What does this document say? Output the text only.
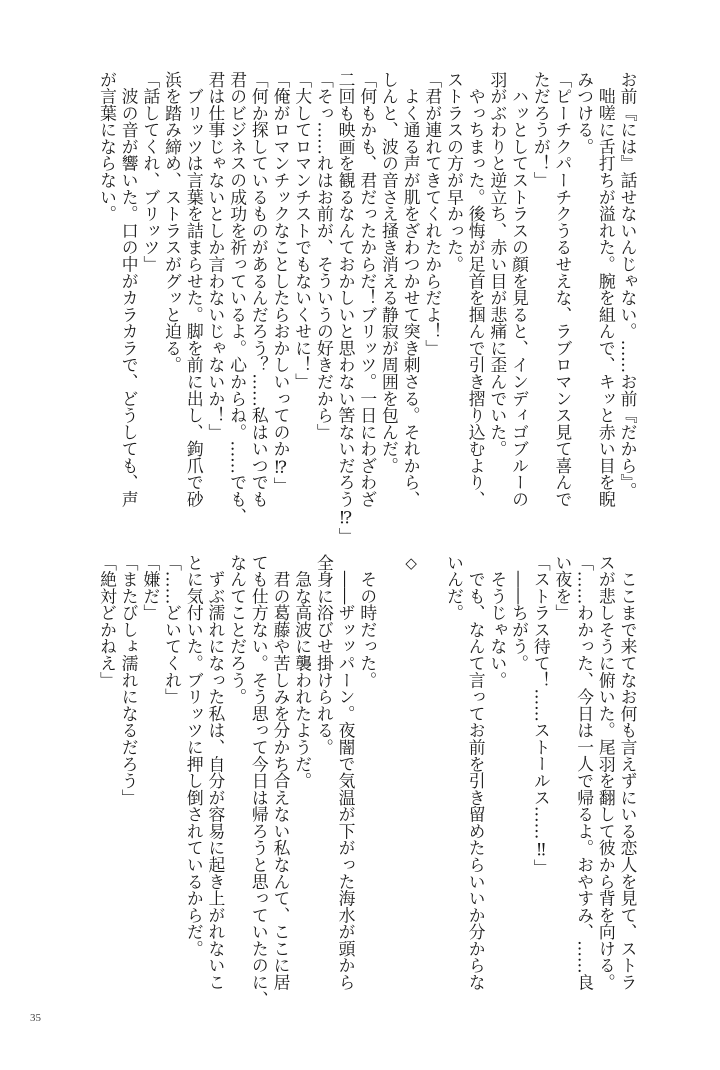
お前『には』話せないんじゃない。……お前『だから』。
　咄嗟に舌打ちが溢れた。腕を組んで、キッと赤い目を睨
みつける。
「ピーチクパーチクうるせえな、ラブロマンス見て喜んで
ただろうが！」
　ハッとしてストラスの顔を見ると、インディゴブルーの
羽がぶわりと逆立ち、赤い目が悲痛に歪んでいた。
　やっちまった。後悔が足首を掴んで引き摺り込むより、
ストラスの方が早かった。
「君が連れてきてくれたからだよ！」
　よく通る声が肌をざわつかせて突き刺さる。それから、
しんと、波の音さえ掻き消える静寂が周囲を包んだ。
「何もかも、君だったからだ！ブリッツ。一日にわざわざ
二回も映画を観るなんておかしいと思わない筈ないだろう⁉」
「そっ……れはお前が、そういうの好きだから」
「大してロマンチストでもないくせに！」
「俺がロマンチックなことしたらおかしいってのか⁉」
「何か探しているものがあるんだろう？……私はいつでも
君のビジネスの成功を祈っているよ。心からね。……でも、
君は仕事じゃないとしか言わないじゃないか！」
　ブリッツは言葉を詰まらせた。脚を前に出し、鉤爪で砂
浜を踏み締め、ストラスがグッと迫る。
「話してくれ、ブリッツ」
　波の音が響いた。口の中がカラカラで、どうしても、声
が言葉にならない。
　ここまで来てなお何も言えずにいる恋人を見て、ストラ
スが悲しそうに俯いた。尾羽を翻して彼から背を向ける。
「……わかった、今日は一人で帰るよ。おやすみ、……良
い夜を」
「ストラス待て！……ストールス……‼」
　――ちがう。
　そうじゃない。
　でも、なんて言ってお前を引き留めたらいいか分からな
いんだ。
◇
　その時だった。
　――ザッッパーン。夜闇で気温が下がった海水が頭から
全身に浴びせ掛けられる。
　急な高波に襲われたようだ。
　君の葛藤や苦しみを分かち合えない私なんて、ここに居
ても仕方ない。そう思って今日は帰ろうと思っていたのに、
なんてことだろう。
　ずぶ濡れになった私は、自分が容易に起き上がれないこ
とに気付いた。ブリッツに押し倒されているからだ。
「……どいてくれ」
「嫌だ」
「またびしょ濡れになるだろう」
「絶対どかねえ」
35
